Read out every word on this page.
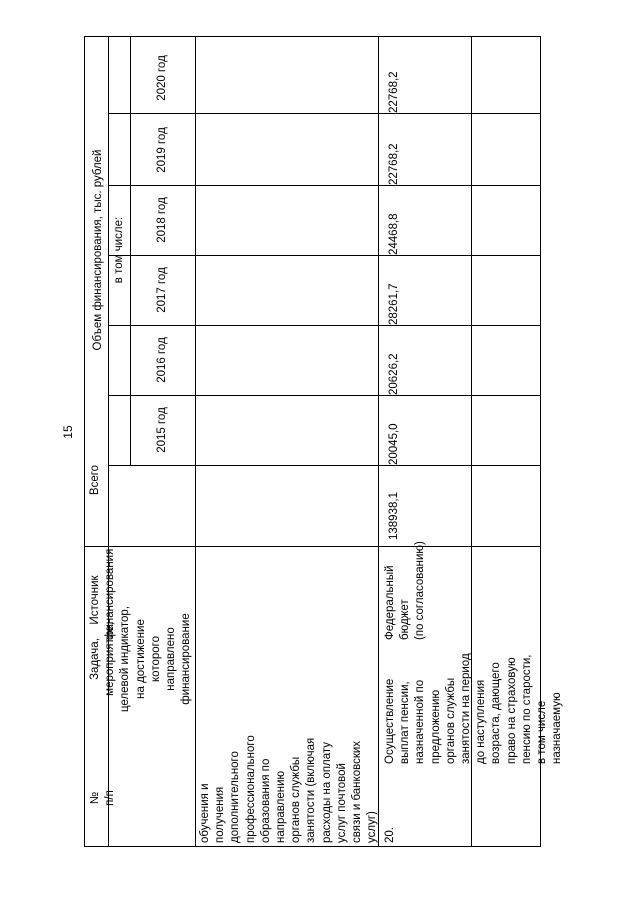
15
№
п/п
Задача,
мероприятие,
целевой индикатор,
на достижение
которого
направлено
финансирование
Источник
финансирования
Всего
Объем финансирования, тыс. рублей в том числе:
2015 год
2016 год
2017 год
2018 год
2019 год
2020 год
обучения и
получения
дополнительного
профессионального
образования по
направлению
органов службы
занятости (включая
расходы на оплату
услуг почтовой
связи и банковских
услуг) 20.
Осуществление
выплат пенсии,
назначенной по
предложению
органов службы
занятости на период
до наступления
возраста, дающего
право на страховую
пенсию по старости,
в том числе
назначаемую
Федеральный
бюджет
(по согласованию)
138938,1
20045,0
20626,2
28261,7
24468,8
22768,2
22768,2
